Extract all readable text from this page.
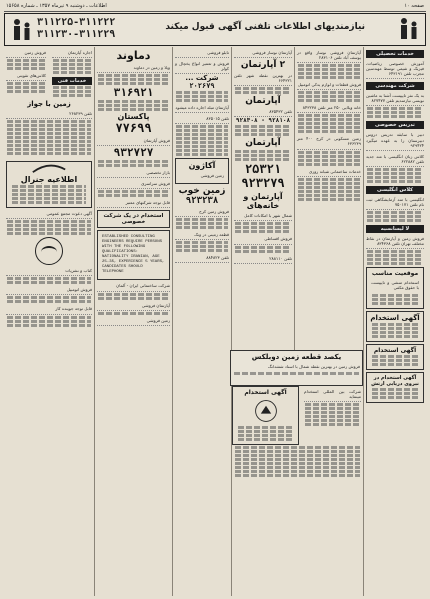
صفحه ۱۰
اطلاعات ـ دوشنبه ۹ تیرماه ۱۳۵۷ ـ شماره ۱۵۶۵۸
نیازمندیهای اطلاعات تلفنی آگهی قبول میکند
۳۱۱۲۲۵-۳۱۱۲۲۲
۳۱۱۲۳۰-۳۱۱۲۲۹
خدمات تحصیلی
آموزش خصوصی ریاضیات، فیزیک و شیمی توسط مهندسین مجرب تلفن ۶۴۳۱۹۱
شرکت مهندسی
به یک نفر تایپیست آشنا به ماشین نویسی نیازمندیم تلفن ۸۲۷۴۷۷
تدریس خصوصی
دبیر با سابقه تدریس دروس دبیرستان را به عهده میگیرد ۹۲۹۴۲۴
کلاس زبان انگلیسی با متد جدید تلفن ۶۲۲۸۸۲
کلاس انگلیسی
انگلیسی با متد آزمایشگاهی ثبت نام تلفن ۷۵۰۱۷۱
لا لیسانسیه
فروش زمین و آپارتمان در نقاط مختلف تهران تلفن ۸۳۴۳۶۸
موقعیت مناسب
استخدام منشی و تایپیست با حقوق مکفی
آگهی استخدام
آگهی استخدام
آگهی استخدام در نیروی دریایی ارتش
آپارتمان فروشی نوساز واقع در یوسف آباد تلفن ۲۸۳۱۰۶
فروش قطعات و لوازم یدکی اتومبیل
خانه ویلایی ۲۵۰ متر تلفن ۸۴۳۲۳۸
زمین مسکونی در کرج ۴۰۰ متر ۶۳۶۲۳۹
خدمات ساختمانی شبانه روزی
آپارتمان نوساز فروشی
۲ آپارتمان
در بهترین نقطه شهر تلفن ۶۶۴۳۲۱
آپارتمان
تلفن ۸۳۵۴۳۲
۹۲۸۱۰۸ - ۹۲۸۴۰۸
آپارتمان
۲۵۳۲۱
۹۲۳۲۷۹
آپارتمان و خانه‌های
شمال شهر با امکانات کامل
فروش اقساطی
تلفن ۲۸۸۱۱۰
یکصد قطعه زمین دوبلکس
فروش زمین در بهترین نقطه شمال با اسناد ششدانگ
شرکت بین المللی استخدام مینماید
آگهی استخدام
تابلو فروشی
فروش و تعمیر انواع یخچال و کولر
شرکت ...
۲۰۲۶۷۹
آپارتمان مبله اجاره داده میشود
تلفن ۸۳۵۰۱۵
آکاژون
زمین فروشی
زمین خوب
۹۲۳۲۳۸
فروش زمین کرج
قطعه زمینی در ونک
تلفن ۸۸۴۸۲۳
دماوند
ویلا و زمین در دماوند
۳۱۶۹۲۱
پاکستان
۷۷۶۹۹
فروش آپارتمان
۹۳۲۷۲۷
بازار تخصصی
فروش سراسری
قابل توجه شرکتهای معتبر
استخدام در یک شرکت خصوصی
ESTABLISHED CONSULTING ENGINEERS REQUIRE PERSONS WITH THE FOLLOWING QUALIFICATIONS: NATIONALITY IRANIAN, AGE 25-35, EXPERIENCE 5 YEARS, CANDIDATES SHOULD TELEPHONE
شرکت ساختمانی ایران - آلمان
آپارتمان فروشی
زمین فروشی
اجاره آپارتمان
خدمات فنی
فروش زمین
کلاس‌های تقویتی
زمین با جواز
تلفن ۲۶۸۲۳۹
اطلاعیه جنرال
آگهی دعوت مجمع عمومی
کتاب و نشریات
فروش اتومبیل
قابل توجه جوینده کار
